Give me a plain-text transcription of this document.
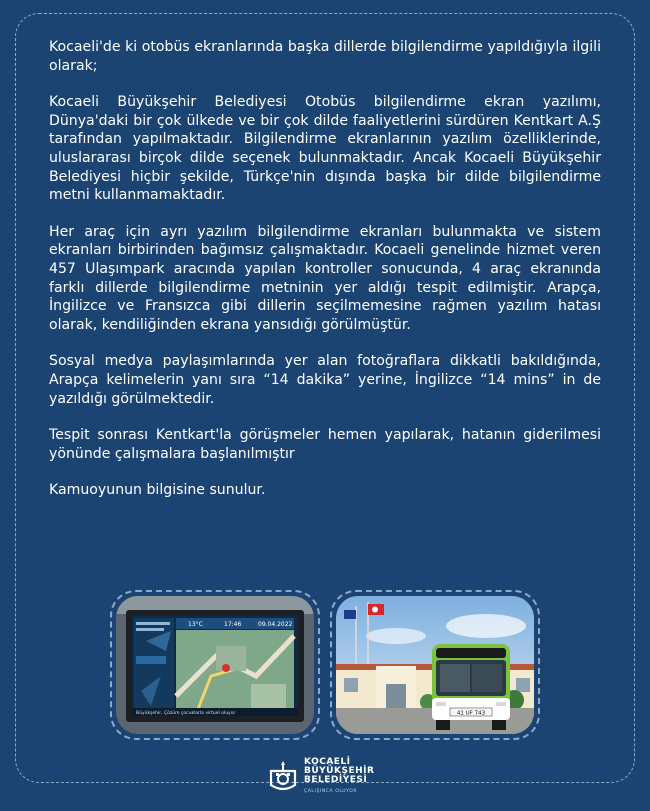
Kocaeli'de ki otobüs ekranlarında başka dillerde bilgilendirme yapıldığıyla ilgili olarak;

Kocaeli Büyükşehir Belediyesi Otobüs bilgilendirme ekran yazılımı, Dünya'daki bir çok ülkede ve bir çok dilde faaliyetlerini sürdüren Kentkart A.Ş tarafından yapılmaktadır. Bilgilendirme ekranlarının yazılım özelliklerinde, uluslararası birçok dilde seçenek bulunmaktadır. Ancak Kocaeli Büyükşehir Belediyesi hiçbir şekilde, Türkçe'nin dışında başka bir dilde bilgilendirme metni kullanmamaktadır.

Her araç için ayrı yazılım bilgilendirme ekranları bulunmakta ve sistem ekranları birbirinden bağımsız çalışmaktadır. Kocaeli genelinde hizmet veren 457 Ulaşımpark aracında yapılan kontroller sonucunda, 4 araç ekranında farklı dillerde bilgilendirme metninin yer aldığı tespit edilmiştir. Arapça, İngilizce ve Fransızca gibi dillerin seçilmemesine rağmen yazılım hatası olarak, kendiliğinden ekrana yansıdığı görülmüştür.

Sosyal medya paylaşımlarında yer alan fotoğraflara dikkatli bakıldığında, Arapça kelimelerin yanı sıra “14 dakika” yerine, İngilizce “14 mins” in de yazıldığı görülmektedir.

Tespit sonrası Kentkart'la görüşmeler hemen yapılarak, hatanın giderilmesi yönünde çalışmalara başlanılmıştır

Kamuoyunun bilgisine sunulur.

13°C	17:46	09.04.2022
Büyükşehir, Çözüm çocuklarla virtuel oluyor	41 UF 743
KOCAELİ
BÜYÜKŞEHİR
BELEDİYESİ
ÇALIŞINCA OLUYOR
